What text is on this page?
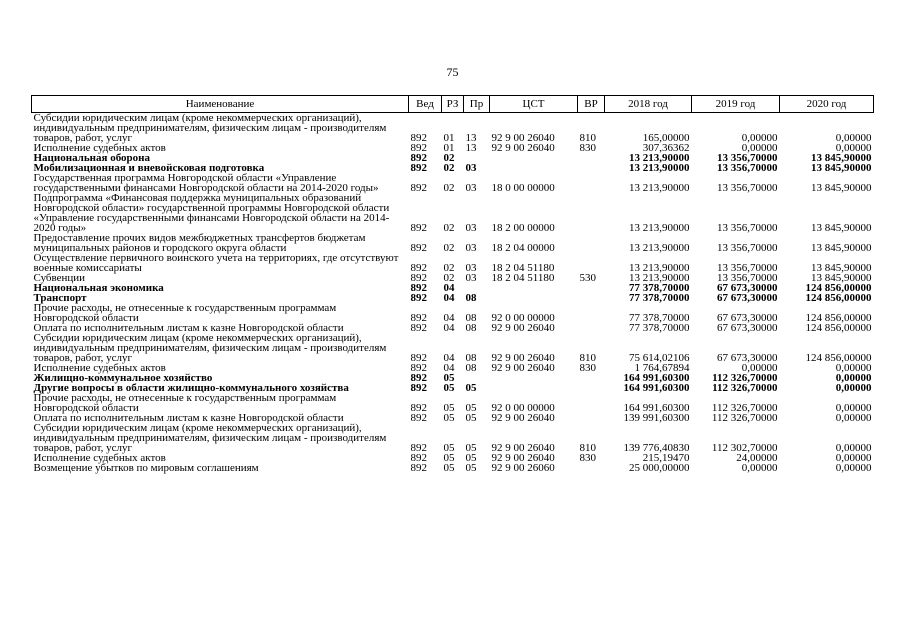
75
Наименование	Вед	РЗ	Пр	ЦСТ	ВР	2018 год	2019 год	2020 год
Субсидии юридическим лицам (кроме некоммерческих организаций), индивидуальным предпринимателям, физическим лицам - производителям товаров, работ, услуг	892	01	13	92 9 00 26040	810	165,00000	0,00000	0,00000
Исполнение судебных актов	892	01	13	92 9 00 26040	830	307,36362	0,00000	0,00000
Национальная оборона	892	02				13 213,90000	13 356,70000	13 845,90000
Мобилизационная и вневойсковая подготовка	892	02	03			13 213,90000	13 356,70000	13 845,90000
Государственная программа Новгородской области «Управление государственными финансами Новгородской области на 2014-2020 годы»	892	02	03	18 0 00 00000		13 213,90000	13 356,70000	13 845,90000
Подпрограмма «Финансовая поддержка муниципальных образований Новгородской области» государственной программы Новгородской области «Управление государственными финансами Новгородской области на 2014-2020 годы»	892	02	03	18 2 00 00000		13 213,90000	13 356,70000	13 845,90000
Предоставление прочих видов межбюджетных трансфертов бюджетам муниципальных районов и городского округа области	892	02	03	18 2 04 00000		13 213,90000	13 356,70000	13 845,90000
Осуществление первичного воинского учета на территориях, где отсутствуют военные комиссариаты	892	02	03	18 2 04 51180		13 213,90000	13 356,70000	13 845,90000
Субвенции	892	02	03	18 2 04 51180	530	13 213,90000	13 356,70000	13 845,90000
Национальная экономика	892	04				77 378,70000	67 673,30000	124 856,00000
Транспорт	892	04	08			77 378,70000	67 673,30000	124 856,00000
Прочие расходы, не отнесенные к государственным программам Новгородской области	892	04	08	92 0 00 00000		77 378,70000	67 673,30000	124 856,00000
Оплата по исполнительным листам к казне Новгородской области	892	04	08	92 9 00 26040		77 378,70000	67 673,30000	124 856,00000
Субсидии юридическим лицам (кроме некоммерческих организаций), индивидуальным предпринимателям, физическим лицам - производителям товаров, работ, услуг	892	04	08	92 9 00 26040	810	75 614,02106	67 673,30000	124 856,00000
Исполнение судебных актов	892	04	08	92 9 00 26040	830	1 764,67894	0,00000	0,00000
Жилищно-коммунальное хозяйство	892	05				164 991,60300	112 326,70000	0,00000
Другие вопросы в области жилищно-коммунального хозяйства	892	05	05			164 991,60300	112 326,70000	0,00000
Прочие расходы, не отнесенные к государственным программам Новгородской области	892	05	05	92 0 00 00000		164 991,60300	112 326,70000	0,00000
Оплата по исполнительным листам к казне Новгородской области	892	05	05	92 9 00 26040		139 991,60300	112 326,70000	0,00000
Субсидии юридическим лицам (кроме некоммерческих организаций), индивидуальным предпринимателям, физическим лицам - производителям товаров, работ, услуг	892	05	05	92 9 00 26040	810	139 776,40830	112 302,70000	0,00000
Исполнение судебных актов	892	05	05	92 9 00 26040	830	215,19470	24,00000	0,00000
Возмещение убытков по мировым соглашениям	892	05	05	92 9 00 26060		25 000,00000	0,00000	0,00000
